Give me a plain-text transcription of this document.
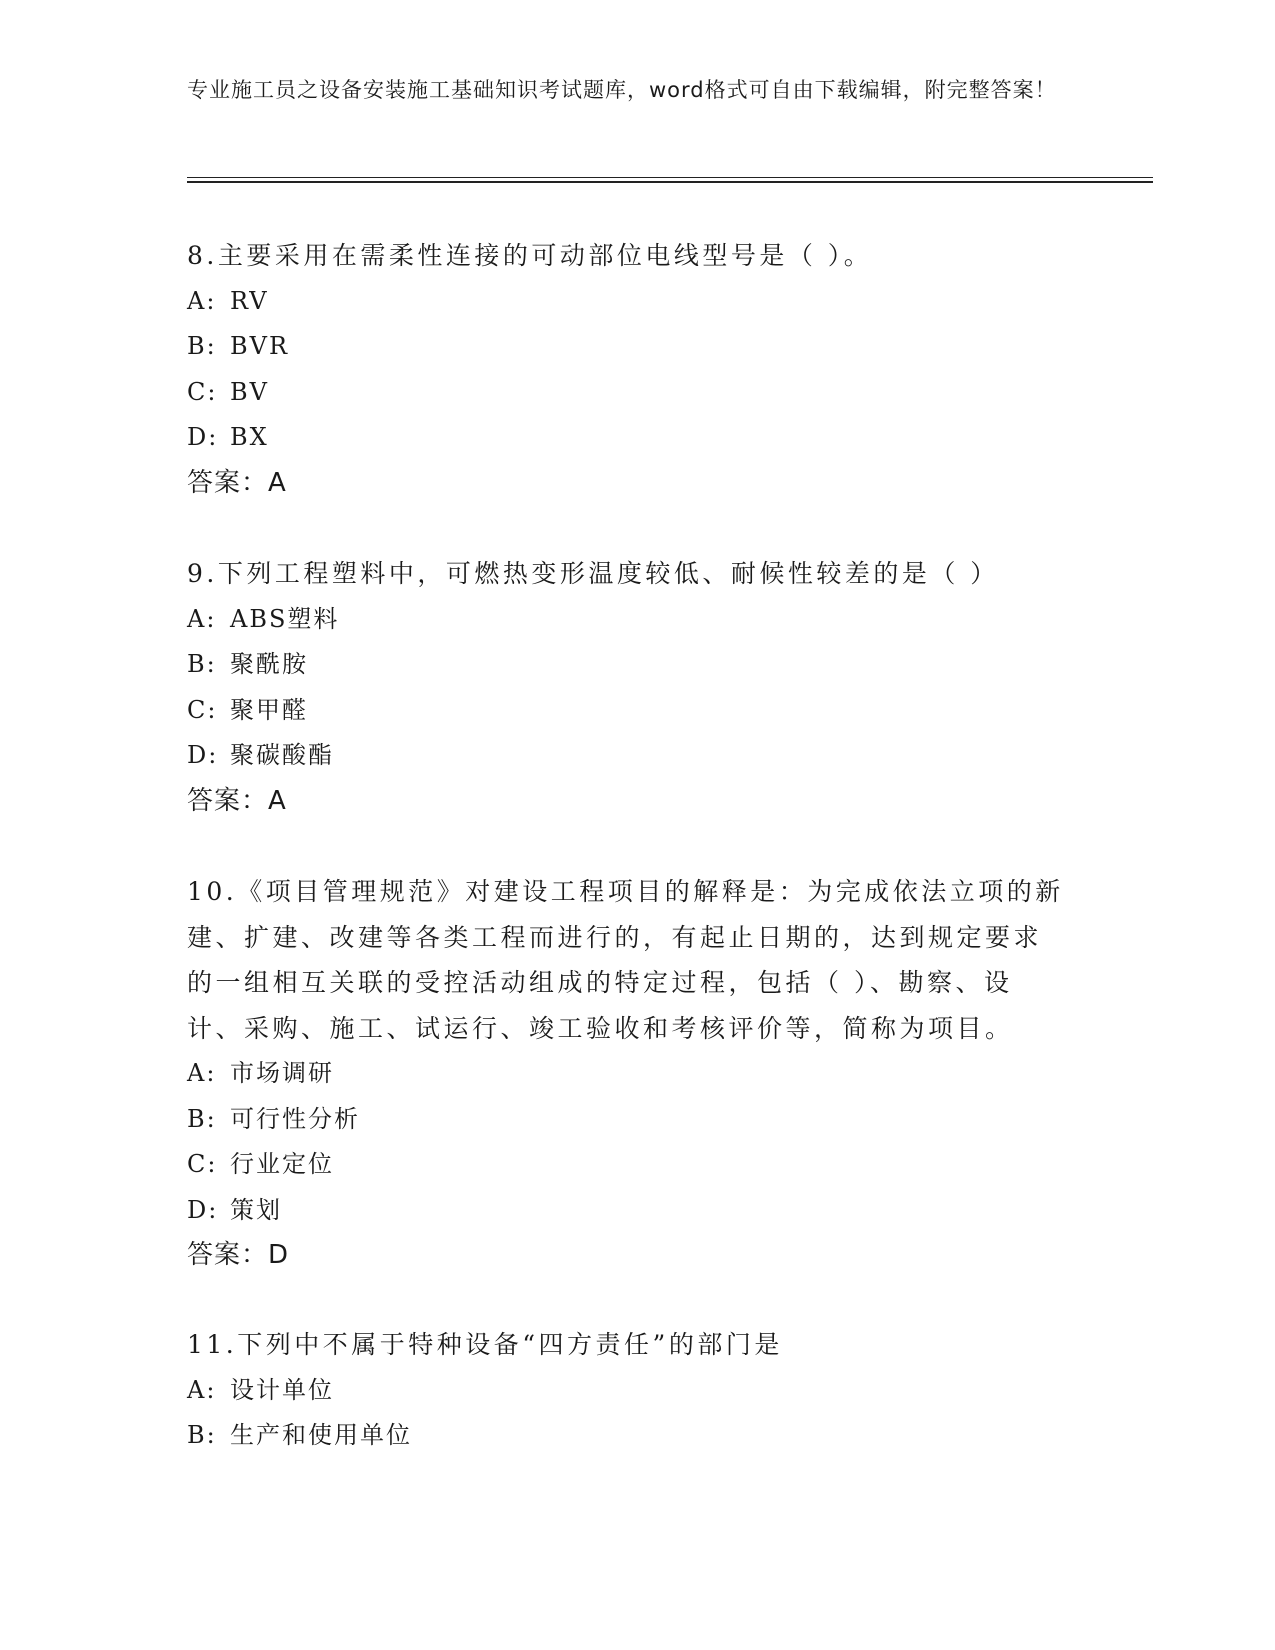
专业施工员之设备安装施工基础知识考试题库，word格式可自由下载编辑，附完整答案！

8.主要采用在需柔性连接的可动部位电线型号是（ ）。

A: RV

B: BVR

C: BV

D: BX

答案：A

9.下列工程塑料中，可燃热变形温度较低、耐候性较差的是（ ）

A: ABS塑料

B: 聚酰胺

C: 聚甲醛

D: 聚碳酸酯

答案：A

10.《项目管理规范》对建设工程项目的解释是：为完成依法立项的新建、扩建、改建等各类工程而进行的，有起止日期的，达到规定要求的一组相互关联的受控活动组成的特定过程，包括（ ）、勘察、设计、采购、施工、试运行、竣工验收和考核评价等，简称为项目。

A: 市场调研

B: 可行性分析

C: 行业定位

D: 策划

答案：D

11.下列中不属于特种设备“四方责任”的部门是

A: 设计单位

B: 生产和使用单位
